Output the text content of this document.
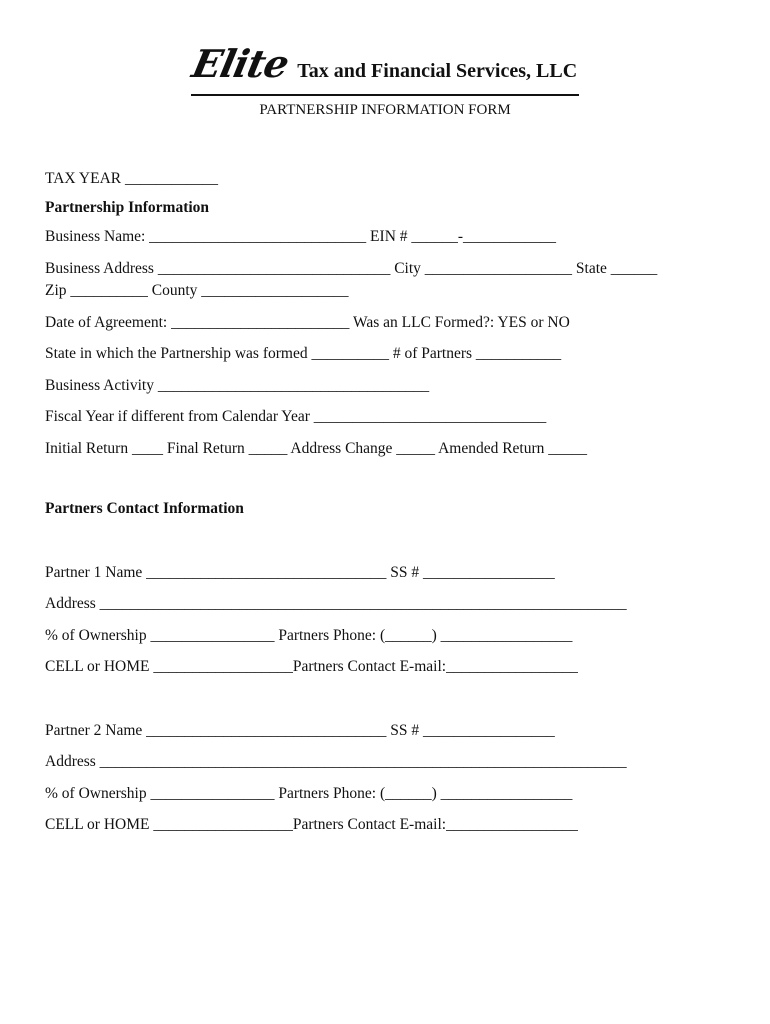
Elite Tax and Financial Services, LLC
PARTNERSHIP INFORMATION FORM
TAX YEAR ____________
Partnership Information
Business Name: ____________________________ EIN # ______-____________
Business Address ______________________________ City ___________________ State ______
Zip __________ County ___________________
Date of Agreement: _______________________ Was an LLC Formed?: YES or NO
State in which the Partnership was formed __________ # of Partners ___________
Business Activity ___________________________________
Fiscal Year if different from Calendar Year ______________________________
Initial Return ____ Final Return _____ Address Change _____ Amended Return _____
Partners Contact Information
Partner 1 Name _______________________________ SS # _________________
Address ____________________________________________________________________
% of Ownership ________________ Partners Phone: (______) _________________
CELL or HOME __________________Partners Contact E-mail:_________________
Partner 2 Name _______________________________ SS # _________________
Address ____________________________________________________________________
% of Ownership ________________ Partners Phone: (______) _________________
CELL or HOME __________________Partners Contact E-mail:_________________
